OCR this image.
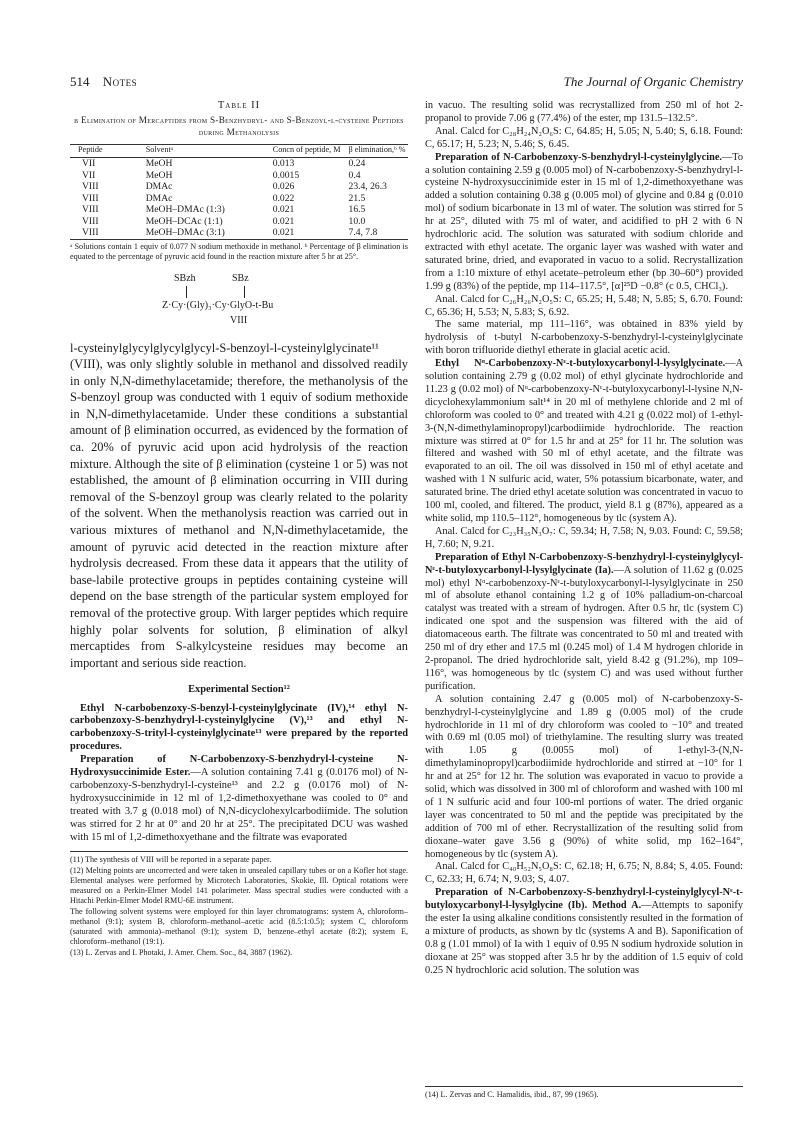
514 Notes	The Journal of Organic Chemistry
Table II
β Elimination of Mercaptides from S-Benzhydryl- and S-Benzoyl-l-cysteine Peptides during Methanolysis
Peptide	Solventᵃ	Concn of peptide, M	β elimination,ᵇ %
VII	MeOH	0.013	0.24
VII	MeOH	0.0015	0.4
VIII	DMAc	0.026	23.4, 26.3
VIII	DMAc	0.022	21.5
VIII	MeOH–DMAc (1:3)	0.021	16.5
VIII	MeOH–DCAc (1:1)	0.021	10.0
VIII	MeOH–DMAc (3:1)	0.021	7.4, 7.8
ᵃ Solutions contain 1 equiv of 0.077 N sodium methoxide in methanol. ᵇ Percentage of β elimination is equated to the percentage of pyruvic acid found in the reaction mixture after 5 hr at 25°.
SBzh	SBz
Z·Cy·(Gly)₃·Cy·GlyO-t-Bu
VIII

l-cysteinylglycylglycylglycyl-S-benzoyl-l-cysteinylglycinate¹¹ (VIII), was only slightly soluble in methanol and dissolved readily in only N,N-dimethylacetamide; therefore, the methanolysis of the S-benzoyl group was conducted with 1 equiv of sodium methoxide in N,N-dimethylacetamide. Under these conditions a substantial amount of β elimination occurred, as evidenced by the formation of ca. 20% of pyruvic acid upon acid hydrolysis of the reaction mixture. Although the site of β elimination (cysteine 1 or 5) was not established, the amount of β elimination occurring in VIII during removal of the S-benzoyl group was clearly related to the polarity of the solvent. When the methanolysis reaction was carried out in various mixtures of methanol and N,N-dimethylacetamide, the amount of pyruvic acid detected in the reaction mixture after hydrolysis decreased. From these data it appears that the utility of base-labile protective groups in peptides containing cysteine will depend on the base strength of the particular system employed for removal of the protective group. With larger peptides which require highly polar solvents for solution, β elimination of alkyl mercaptides from S-alkylcysteine residues may become an important and serious side reaction.

Experimental Section¹²

Ethyl N-carbobenzoxy-S-benzyl-l-cysteinylglycinate (IV),¹⁴ ethyl N-carbobenzoxy-S-benzhydryl-l-cysteinylglycine (V),¹³ and ethyl N-carbobenzoxy-S-trityl-l-cysteinylglycinate¹³ were prepared by the reported procedures.

Preparation of N-Carbobenzoxy-S-benzhydryl-l-cysteine N-Hydroxysuccinimide Ester.—A solution containing 7.41 g (0.0176 mol) of N-carbobenzoxy-S-benzhydryl-l-cysteine¹³ and 2.2 g (0.0176 mol) of N-hydroxysuccinimide in 12 ml of 1,2-dimethoxyethane was cooled to 0° and treated with 3.7 g (0.018 mol) of N,N-dicyclohexylcarbodiimide. The solution was stirred for 2 hr at 0° and 20 hr at 25°. The precipitated DCU was washed with 15 ml of 1,2-dimethoxyethane and the filtrate was evaporated

(11) The synthesis of VIII will be reported in a separate paper.

(12) Melting points are uncorrected and were taken in unsealed capillary tubes or on a Kofler hot stage. Elemental analyses were performed by Microtech Laboratories, Skokie, Ill. Optical rotations were measured on a Perkin-Elmer Model 141 polarimeter. Mass spectral studies were conducted with a Hitachi Perkin-Elmer Model RMU-6E instrument.

The following solvent systems were employed for thin layer chromatograms: system A, chloroform–methanol (9:1); system B, chloroform–methanol–acetic acid (8.5:1:0.5); system C, chloroform (saturated with ammonia)–methanol (9:1); system D, benzene–ethyl acetate (8:2); system E, chloroform–methanol (19:1).

(13) L. Zervas and I. Photaki, J. Amer. Chem. Soc., 84, 3887 (1962).

in vacuo. The resulting solid was recrystallized from 250 ml of hot 2-propanol to provide 7.06 g (77.4%) of the ester, mp 131.5–132.5°.

Anal. Calcd for C₂₈H₂₄N₂O₆S: C, 64.85; H, 5.05; N, 5.40; S, 6.18. Found: C, 65.17; H, 5.23; N, 5.46; S, 6.45.

Preparation of N-Carbobenzoxy-S-benzhydryl-l-cysteinylglycine.—To a solution containing 2.59 g (0.005 mol) of N-carbobenzoxy-S-benzhydryl-l-cysteine N-hydroxysuccinimide ester in 15 ml of 1,2-dimethoxyethane was added a solution containing 0.38 g (0.005 mol) of glycine and 0.84 g (0.010 mol) of sodium bicarbonate in 13 ml of water. The solution was stirred for 5 hr at 25°, diluted with 75 ml of water, and acidified to pH 2 with 6 N hydrochloric acid. The solution was saturated with sodium chloride and extracted with ethyl acetate. The organic layer was washed with water and saturated brine, dried, and evaporated in vacuo to a solid. Recrystallization from a 1:10 mixture of ethyl acetate–petroleum ether (bp 30–60°) provided 1.99 g (83%) of the peptide, mp 114–117.5°, [α]²⁵D −0.8° (c 0.5, CHCl₃).

Anal. Calcd for C₂₆H₂₆N₂O₅S: C, 65.25; H, 5.48; N, 5.85; S, 6.70. Found: C, 65.36; H, 5.53; N, 5.83; S, 6.92.

The same material, mp 111–116°, was obtained in 83% yield by hydrolysis of t-butyl N-carbobenzoxy-S-benzhydryl-l-cysteinylglycinate with boron trifluoride diethyl etherate in glacial acetic acid.

Ethyl Nᵅ-Carbobenzoxy-Nᵋ-t-butyloxycarbonyl-l-lysylglycinate.—A solution containing 2.79 g (0.02 mol) of ethyl glycinate hydrochloride and 11.23 g (0.02 mol) of Nᵅ-carbobenzoxy-Nᵋ-t-butyloxycarbonyl-l-lysine N,N-dicyclohexylammonium salt¹⁴ in 20 ml of methylene chloride and 2 ml of chloroform was cooled to 0° and treated with 4.21 g (0.022 mol) of 1-ethyl-3-(N,N-dimethylaminopropyl)carbodiimide hydrochloride. The reaction mixture was stirred at 0° for 1.5 hr and at 25° for 11 hr. The solution was filtered and washed with 50 ml of ethyl acetate, and the filtrate was evaporated to an oil. The oil was dissolved in 150 ml of ethyl acetate and washed with 1 N sulfuric acid, water, 5% potassium bicarbonate, water, and saturated brine. The dried ethyl acetate solution was concentrated in vacuo to 100 ml, cooled, and filtered. The product, yield 8.1 g (87%), appeared as a white solid, mp 110.5–112°, homogeneous by tlc (system A).

Anal. Calcd for C₂₃H₃₅N₃O₇: C, 59.34; H, 7.58; N, 9.03. Found: C, 59.58; H, 7.60; N, 9.21.

Preparation of Ethyl N-Carbobenzoxy-S-benzhydryl-l-cysteinylglycyl-Nᵋ-t-butyloxycarbonyl-l-lysylglycinate (Ia).—A solution of 11.62 g (0.025 mol) ethyl Nᵅ-carbobenzoxy-Nᵋ-t-butyloxycarbonyl-l-lysylglycinate in 250 ml of absolute ethanol containing 1.2 g of 10% palladium-on-charcoal catalyst was treated with a stream of hydrogen. After 0.5 hr, tlc (system C) indicated one spot and the suspension was filtered with the aid of diatomaceous earth. The filtrate was concentrated to 50 ml and treated with 250 ml of dry ether and 17.5 ml (0.245 mol) of 1.4 M hydrogen chloride in 2-propanol. The dried hydrochloride salt, yield 8.42 g (91.2%), mp 109–116°, was homogeneous by tlc (system C) and was used without further purification.

A solution containing 2.47 g (0.005 mol) of N-carbobenzoxy-S-benzhydryl-l-cysteinylglycine and 1.89 g (0.005 mol) of the crude hydrochloride in 11 ml of dry chloroform was cooled to −10° and treated with 0.69 ml (0.05 mol) of triethylamine. The resulting slurry was treated with 1.05 g (0.0055 mol) of 1-ethyl-3-(N,N-dimethylaminopropyl)carbodiimide hydrochloride and stirred at −10° for 1 hr and at 25° for 12 hr. The solution was evaporated in vacuo to provide a solid, which was dissolved in 300 ml of chloroform and washed with 100 ml of 1 N sulfuric acid and four 100-ml portions of water. The dried organic layer was concentrated to 50 ml and the peptide was precipitated by the addition of 700 ml of ether. Recrystallization of the resulting solid from dioxane–water gave 3.56 g (90%) of white solid, mp 162–164°, homogeneous by tlc (system A).

Anal. Calcd for C₄₀H₅₂N₅O₈S: C, 62.18; H, 6.75; N, 8.84; S, 4.05. Found: C, 62.33; H, 6.74; N, 9.03; S, 4.07.

Preparation of N-Carbobenzoxy-S-benzhydryl-l-cysteinylglycyl-Nᵋ-t-butyloxycarbonyl-l-lysylglycine (Ib). Method A.—Attempts to saponify the ester Ia using alkaline conditions consistently resulted in the formation of a mixture of products, as shown by tlc (systems A and B). Saponification of 0.8 g (1.01 mmol) of Ia with 1 equiv of 0.95 N sodium hydroxide solution in dioxane at 25° was stopped after 3.5 hr by the addition of 1.5 equiv of cold 0.25 N hydrochloric acid solution. The solution was

(14) L. Zervas and C. Hamalidis, ibid., 87, 99 (1965).
